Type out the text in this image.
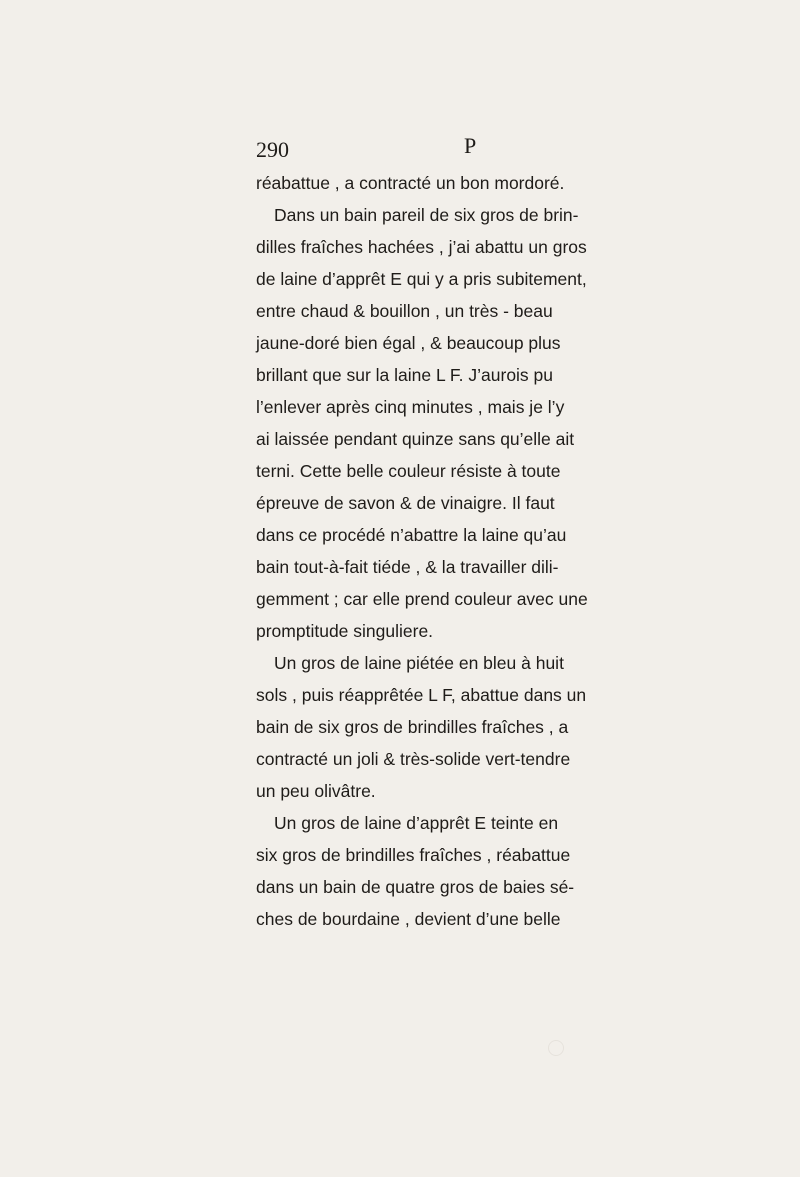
290	P
réabattue , a contracté un bon mordoré.
Dans un bain pareil de six gros de brin-
dilles fraîches hachées , j’ai abattu un gros
de laine d’apprêt E qui y a pris subitement,
entre chaud & bouillon , un très - beau
jaune-doré bien égal , & beaucoup plus
brillant que sur la laine L F. J’aurois pu
l’enlever après cinq minutes , mais je l’y
ai laissée pendant quinze sans qu’elle ait
terni. Cette belle couleur résiste à toute
épreuve de savon & de vinaigre. Il faut
dans ce procédé n’abattre la laine qu’au
bain tout-à-fait tiéde , & la travailler dili-
gemment ; car elle prend couleur avec une
promptitude singuliere.
Un gros de laine piétée en bleu à huit
sols , puis réapprêtée L F, abattue dans un
bain de six gros de brindilles fraîches , a
contracté un joli & très-solide vert-tendre
un peu olivâtre.
Un gros de laine d’apprêt E teinte en
six gros de brindilles fraîches , réabattue
dans un bain de quatre gros de baies sé-
ches de bourdaine , devient d’une belle
